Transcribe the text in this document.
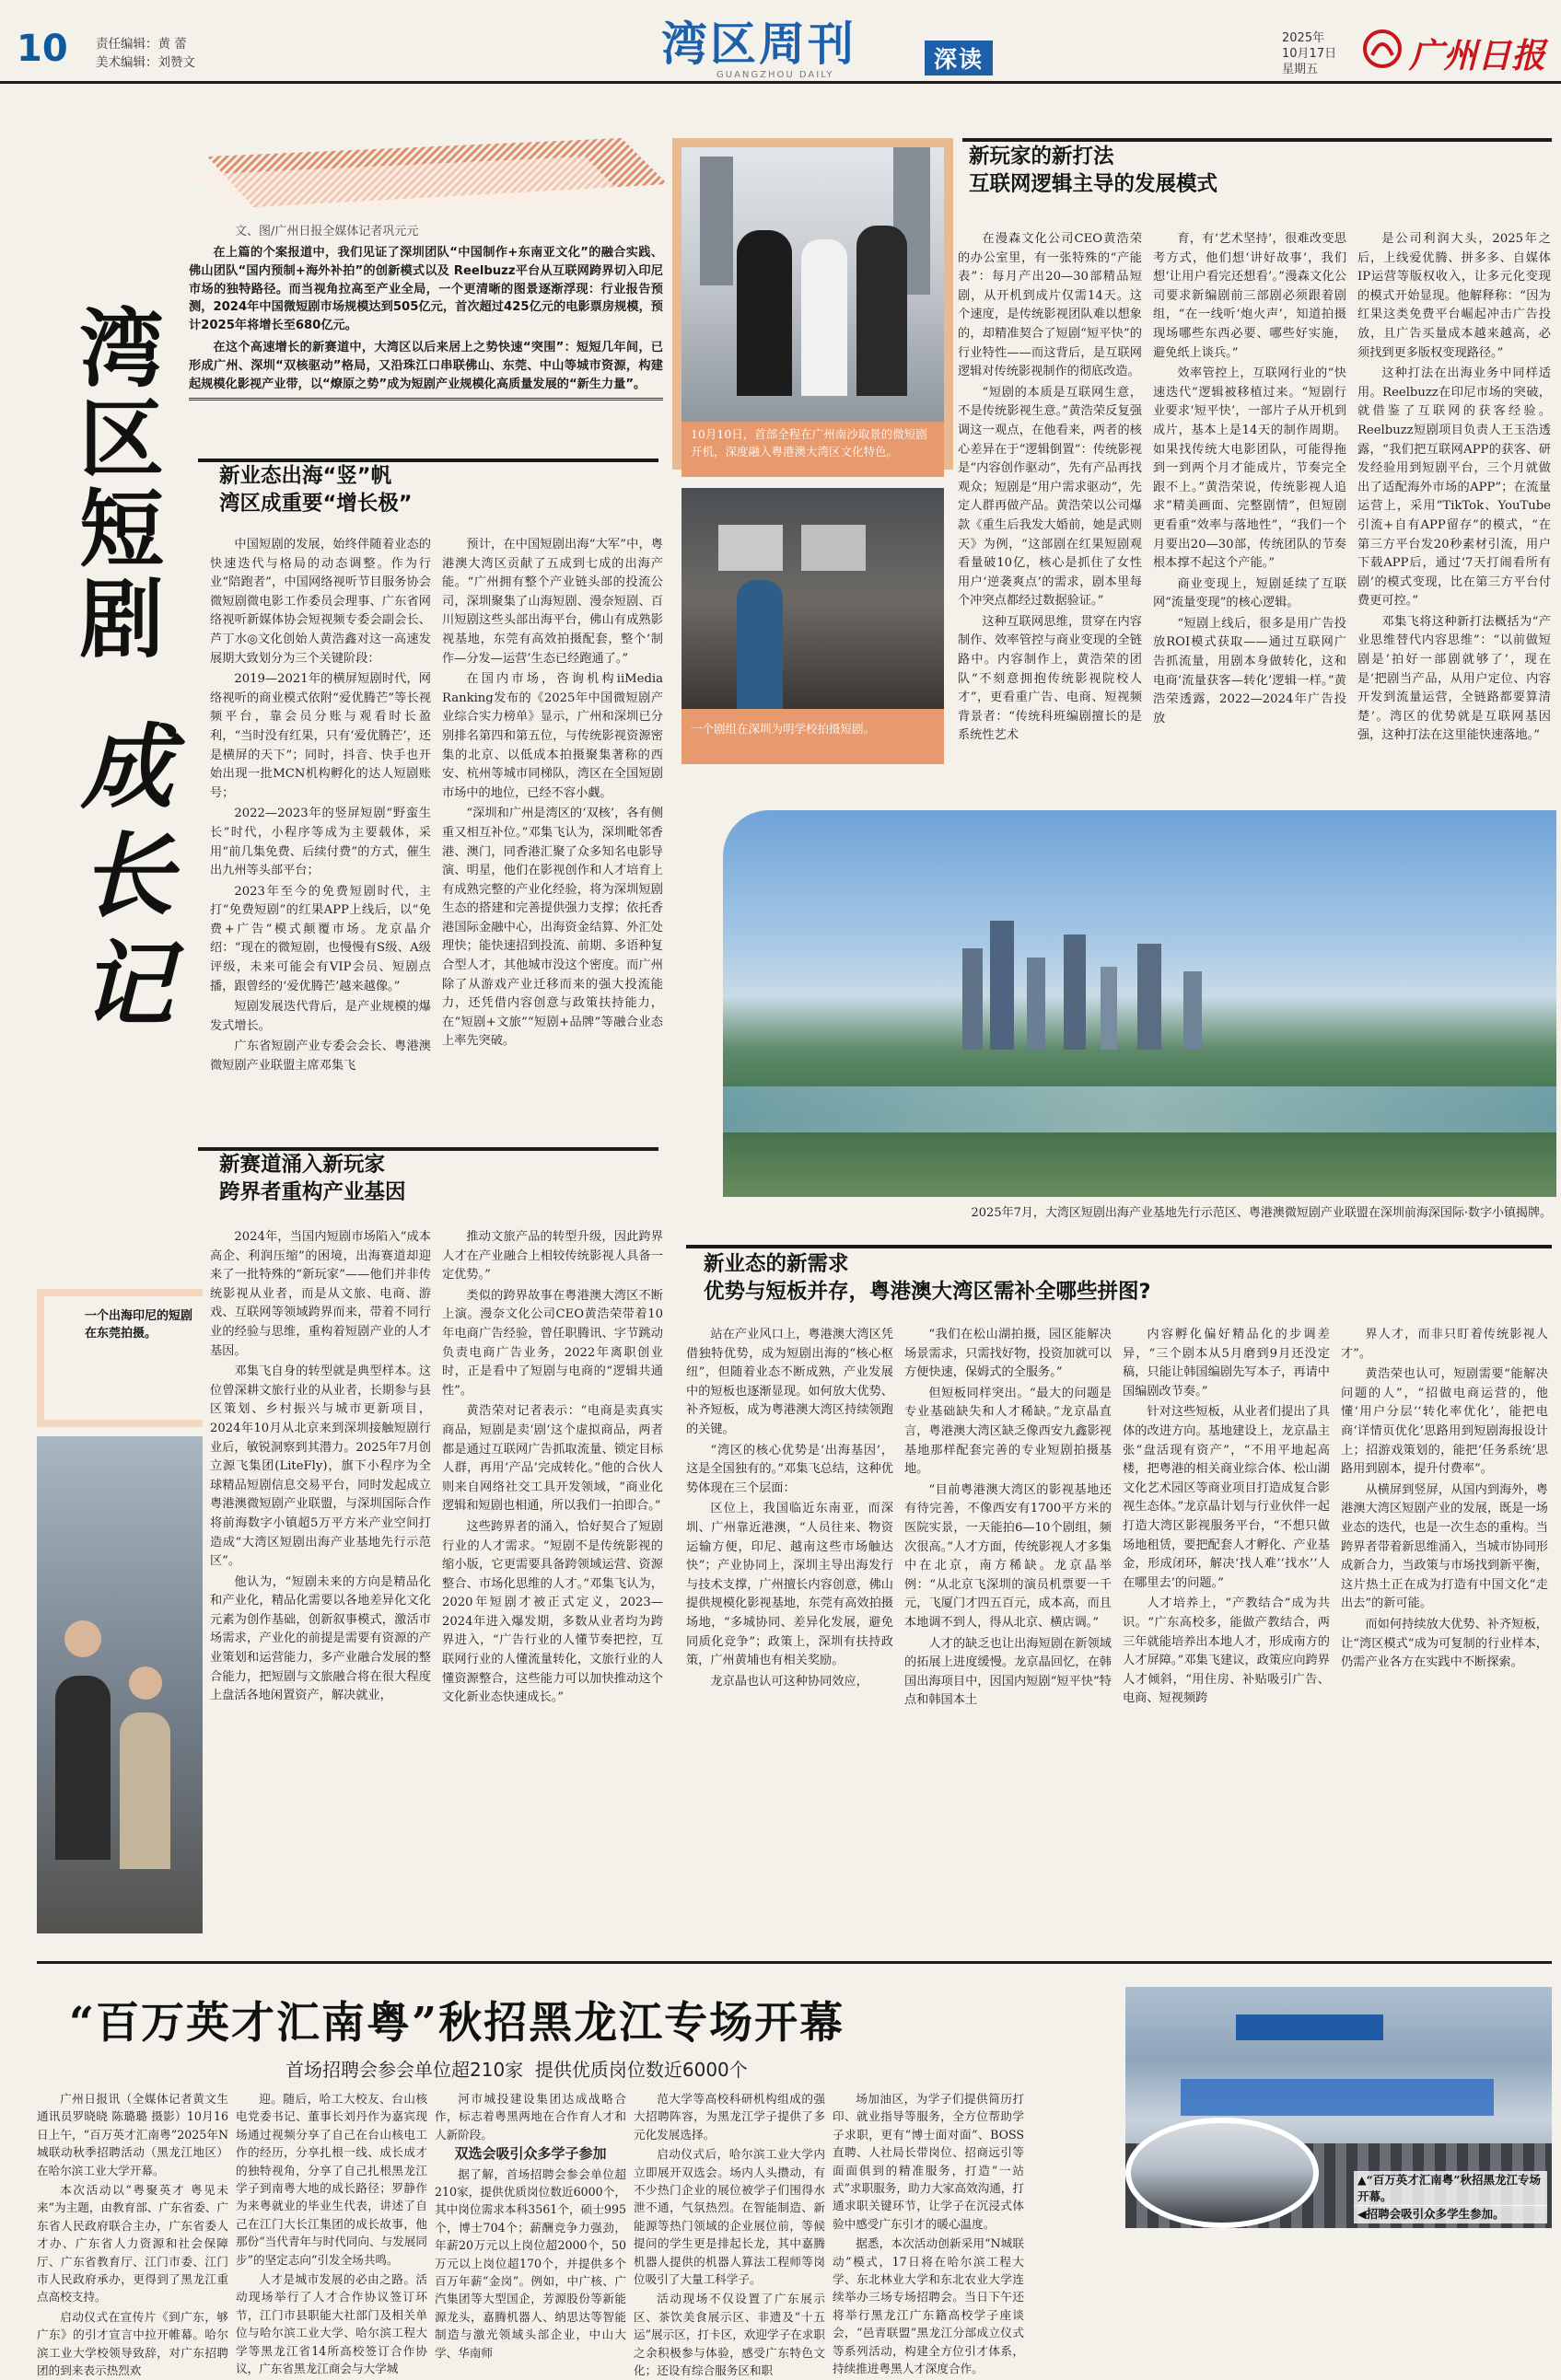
10 责任编辑：黄 蕾
美术编辑：刘赞文	湾区周刊
GUANGZHOU DAILY
深读
2025年
10月17日
星期五	广州日报
湾区短剧
成长记
文、图/广州日报全媒体记者巩元元

在上篇的个案报道中，我们见证了深圳团队“中国制作+东南亚文化”的融合实践、佛山团队“国内预制+海外补拍”的创新模式以及 Reelbuzz平台从互联网跨界切入印尼市场的独特路径。而当视角拉高至产业全局，一个更清晰的图景逐渐浮现：行业报告预测，2024年中国微短剧市场规模达到505亿元，首次超过425亿元的电影票房规模，预计2025年将增长至680亿元。

在这个高速增长的新赛道中，大湾区以后来居上之势快速“突围”：短短几年间，已形成广州、深圳“双核驱动”格局，又沿珠江口串联佛山、东莞、中山等城市资源，构建起规模化影视产业带，以“燎原之势”成为短剧产业规模化高质量发展的“新生力量”。

新业态出海“竖”帆
湾区成重要“增长极”

中国短剧的发展，始终伴随着业态的快速迭代与格局的动态调整。作为行业“陪跑者”，中国网络视听节目服务协会微短剧微电影工作委员会理事、广东省网络视听新媒体协会短视频专委会副会长、芦丁水◎文化创始人黄浩鑫对这一高速发展期大致划分为三个关键阶段：

2019—2021年的横屏短剧时代，网络视听的商业模式依附“爱优腾芒”等长视频平台，靠会员分账与观看时长盈利，“当时没有红果，只有‘爱优腾芒’，还是横屏的天下”；同时，抖音、快手也开始出现一批MCN机构孵化的达人短剧账号；

2022—2023年的竖屏短剧“野蛮生长”时代，小程序等成为主要载体，采用“前几集免费、后续付费”的方式，催生出九州等头部平台；

2023年至今的免费短剧时代，主打“免费短剧”的红果APP上线后，以“免费+广告”模式颠覆市场。龙京晶介绍：“现在的微短剧，也慢慢有S级、A级评级，未来可能会有VIP会员、短剧点播，跟曾经的‘爱优腾芒’越来越像。”

短剧发展迭代背后，是产业规模的爆发式增长。

广东省短剧产业专委会会长、粤港澳微短剧产业联盟主席邓集飞

预计，在中国短剧出海“大军”中，粤港澳大湾区贡献了五成到七成的出海产能。“广州拥有整个产业链头部的投流公司，深圳聚集了山海短剧、漫奈短剧、百川短剧这些头部出海平台，佛山有成熟影视基地，东莞有高效拍摄配套，整个‘制作—分发—运营’生态已经跑通了。”

在国内市场，咨询机构iiMedia Ranking发布的《2025年中国微短剧产业综合实力榜单》显示，广州和深圳已分别排名第四和第五位，与传统影视资源密集的北京、以低成本拍摄聚集著称的西安、杭州等城市同梯队，湾区在全国短剧市场中的地位，已经不容小觑。

“深圳和广州是湾区的‘双核’，各有侧重又相互补位。”邓集飞认为，深圳毗邻香港、澳门，同香港汇聚了众多知名电影导演、明星，他们在影视创作和人才培育上有成熟完整的产业化经验，将为深圳短剧生态的搭建和完善提供强力支撑；依托香港国际金融中心，出海资金结算、外汇处理快；能快速招到投流、前期、多语种复合型人才，其他城市没这个密度。而广州除了从游戏产业迁移而来的强大投流能力，还凭借内容创意与政策扶持能力，在“短剧+文旅”“短剧+品牌”等融合业态上率先突破。

新赛道涌入新玩家
跨界者重构产业基因

2024年，当国内短剧市场陷入“成本高企、利润压缩”的困境，出海赛道却迎来了一批特殊的“新玩家”——他们并非传统影视从业者，而是从文旅、电商、游戏、互联网等领域跨界而来，带着不同行业的经验与思维，重构着短剧产业的人才基因。

邓集飞自身的转型就是典型样本。这位曾深耕文旅行业的从业者，长期参与县区策划、乡村振兴与城市更新项目，2024年10月从北京来到深圳接触短剧行业后，敏锐洞察到其潜力。2025年7月创立源飞集团(LiteFly)，旗下小程序为全球精品短剧信息交易平台，同时发起成立粤港澳微短剧产业联盟，与深圳国际合作将前海数字小镇超5万平方米产业空间打造成“大湾区短剧出海产业基地先行示范区”。

他认为，“短剧未来的方向是精品化和产业化，精品化需要以各地差异化文化元素为创作基础，创新叙事模式，激活市场需求，产业化的前提是需要有资源的产业策划和运营能力，多产业融合发展的整合能力，把短剧与文旅融合将在很大程度上盘活各地闲置资产，解决就业，

推动文旅产品的转型升级，因此跨界人才在产业融合上相较传统影视人具备一定优势。”

类似的跨界故事在粤港澳大湾区不断上演。漫奈文化公司CEO黄浩荣带着10年电商广告经验，曾任职腾讯、字节跳动负责电商广告业务，2022年离职创业时，正是看中了短剧与电商的“逻辑共通性”。

黄浩荣对记者表示：“电商是卖真实商品，短剧是卖‘剧’这个虚拟商品，两者都是通过互联网广告抓取流量、锁定目标人群，再用‘产品’完成转化。”他的合伙人则来自网络社交工具开发领域，“商业化逻辑和短剧也相通，所以我们一拍即合。”

这些跨界者的涌入，恰好契合了短剧行业的人才需求。“短剧不是传统影视的缩小版，它更需要具备跨领域运营、资源整合、市场化思维的人才。”邓集飞认为，2020年短剧才被正式定义，2023—2024年进入爆发期，多数从业者均为跨界进入，“广告行业的人懂节奏把控，互联网行业的人懂流量转化，文旅行业的人懂资源整合，这些能力可以加快推动这个文化新业态快速成长。”

一个出海印尼的短剧在东莞拍摄。
10月10日，首部全程在广州南沙取景的微短剧开机，深度融入粤港澳大湾区文化特色。
一个剧组在深圳为明学校拍摄短剧。
新玩家的新打法
互联网逻辑主导的发展模式

在漫森文化公司CEO黄浩荣的办公室里，有一张特殊的“产能表”：每月产出20—30部精品短剧，从开机到成片仅需14天。这个速度，是传统影视团队难以想象的，却精准契合了短剧“短平快”的行业特性——而这背后，是互联网逻辑对传统影视制作的彻底改造。

“短剧的本质是互联网生意，不是传统影视生意。”黄浩荣反复强调这一观点，在他看来，两者的核心差异在于“逻辑倒置”：传统影视是“内容创作驱动”，先有产品再找观众；短剧是“用户需求驱动”，先定人群再做产品。黄浩荣以公司爆款《重生后我发大婚前，她是武则天》为例，“这部剧在红果短剧观看量破10亿，核心是抓住了女性用户‘逆袭爽点’的需求，剧本里每个冲突点都经过数据验证。”

这种互联网思维，贯穿在内容制作、效率管控与商业变现的全链路中。内容制作上，黄浩荣的团队“不刻意拥抱传统影视院校人才”，更看重广告、电商、短视频背景者：“传统科班编剧擅长的是系统性艺术

育，有‘艺术坚持’，很难改变思考方式，他们想‘讲好故事’，我们想‘让用户看完还想看’。”漫森文化公司要求新编剧前三部剧必须跟着剧组，“在一线听‘炮火声’，知道拍摄现场哪些东西必要、哪些好实施，避免纸上谈兵。”

效率管控上，互联网行业的“快速迭代”逻辑被移植过来。“短剧行业要求‘短平快’，一部片子从开机到成片，基本上是14天的制作周期。如果找传统大电影团队，可能得拖到一到两个月才能成片，节奏完全跟不上。”黄浩荣说，传统影视人追求“精美画面、完整剧情”，但短剧更看重“效率与落地性”，“我们一个月要出20—30部，传统团队的节奏根本撑不起这个产能。”

商业变现上，短剧延续了互联网“流量变现”的核心逻辑。

“短剧上线后，很多是用广告投放ROI模式获取——通过互联网广告抓流量，用剧本身做转化，这和电商‘流量获客—转化’逻辑一样。”黄浩荣透露，2022—2024年广告投放

是公司利润大头，2025年之后，上线爱优腾、拼多多、自媒体IP运营等版权收入，让多元化变现的模式开始显现。他解释称：“因为红果这类免费平台崛起冲击广告投放，且广告买量成本越来越高，必须找到更多版权变现路径。”

这种打法在出海业务中同样适用。Reelbuzz在印尼市场的突破，就借鉴了互联网的获客经验。Reelbuzz短剧项目负责人王玉浩透露，“我们把互联网APP的获客、研发经验用到短剧平台，三个月就做出了适配海外市场的APP”；在流量运营上，采用“TikTok、YouTube引流+自有APP留存”的模式，“在第三方平台发20秒素材引流，用户下载APP后，通过‘7天打闹看所有剧’的模式变现，比在第三方平台付费更可控。”

邓集飞将这种新打法概括为“产业思维替代内容思维”：“以前做短剧是‘拍好一部剧就够了’，现在是‘把剧当产品，从用户定位、内容开发到流量运营，全链路都要算清楚’。湾区的优势就是互联网基因强，这种打法在这里能快速落地。”

2025年7月，大湾区短剧出海产业基地先行示范区、粤港澳微短剧产业联盟在深圳前海深国际·数字小镇揭牌。
新业态的新需求
优势与短板并存，粤港澳大湾区需补全哪些拼图?

站在产业风口上，粤港澳大湾区凭借独特优势，成为短剧出海的“核心枢纽”，但随着业态不断成熟，产业发展中的短板也逐渐显现。如何放大优势、补齐短板，成为粤港澳大湾区持续领跑的关键。

“湾区的核心优势是‘出海基因’，这是全国独有的。”邓集飞总结，这种优势体现在三个层面：

区位上，我国临近东南亚，而深圳、广州靠近港澳，“人员往来、物资运输方便，印尼、越南这些市场触达快”；产业协同上，深圳主导出海发行与技术支撑，广州擅长内容创意，佛山提供规模化影视基地，东莞有高效拍摄场地，“多城协同、差异化发展，避免同质化竞争”；政策上，深圳有扶持政策，广州黄埔也有相关奖励。

龙京晶也认可这种协同效应，

“我们在松山湖拍摄，园区能解决场景需求，只需找好物，投资加就可以方便快速，保姆式的全服务。”

但短板同样突出。“最大的问题是专业基础缺失和人才稀缺。”龙京晶直言，粤港澳大湾区缺乏像西安九鑫影视基地那样配套完善的专业短剧拍摄基地。

“目前粤港澳大湾区的影视基地还有待完善，不像西安有1700平方米的医院实景，一天能拍6—10个剧组，频次很高。”人才方面，传统影视人才多集中在北京，南方稀缺。龙京晶举例：“从北京飞深圳的演员机票要一千元，飞厦门才四五百元，成本高，而且本地调不到人，得从北京、横店调。”

人才的缺乏也让出海短剧在新领域的拓展上进度缓慢。龙京晶回忆，在韩国出海项目中，因国内短剧“短平快”特点和韩国本土

内容孵化偏好精品化的步调差异，“三个剧本从5月磨到9月还没定稿，只能让韩国编剧先写本子，再请中国编剧改节奏。”

针对这些短板，从业者们提出了具体的改进方向。基地建设上，龙京晶主张“盘活现有资产”，“不用平地起高楼，把粤港的相关商业综合体、松山湖文化艺术园区等商业项目打造成复合影视生态体。”龙京晶计划与行业伙伴一起打造大湾区影视服务平台，“不想只做场地租赁，要把配套人才孵化、产业基金，形成闭环，解决‘找人难’‘找水’‘人在哪里去’的问题。”

人才培养上，“产教结合”成为共识。“广东高校多，能做产教结合，两三年就能培养出本地人才，形成南方的人才屏障。”邓集飞建议，政策应向跨界人才倾斜，“用住房、补贴吸引广告、电商、短视频跨

界人才，而非只盯着传统影视人才”。

黄浩荣也认可，短剧需要“能解决问题的人”，“招做电商运营的，他懂‘用户分层’‘转化率优化’，能把电商‘详情页优化’思路用到短剧海报设计上；招游戏策划的，能把‘任务系统’思路用到剧本，提升付费率”。

从横屏到竖屏，从国内到海外，粤港澳大湾区短剧产业的发展，既是一场业态的迭代，也是一次生态的重构。当跨界者带着新思维涌入，当城市协同形成新合力，当政策与市场找到新平衡，这片热土正在成为打造有中国文化“走出去”的新可能。

而如何持续放大优势、补齐短板，让“湾区模式”成为可复制的行业样本，仍需产业各方在实践中不断探索。

“百万英才汇南粤”秋招黑龙江专场开幕
首场招聘会参会单位超210家  提供优质岗位数近6000个

广州日报讯（全媒体记者黄文生 通讯员罗晓晓 陈璐璐 摄影）10月16日上午，“百万英才汇南粤”2025年N城联动秋季招聘活动（黑龙江地区）在哈尔滨工业大学开幕。

本次活动以“粤聚英才 粤见未来”为主题，由教育部、广东省委、广东省人民政府联合主办，广东省委人才办、广东省人力资源和社会保障厅、广东省教育厅、江门市委、江门市人民政府承办，更得到了黑龙江重点高校支持。

启动仪式在宣传片《到广东，够广东》的引才宣言中拉开帷幕。哈尔滨工业大学校领导致辞，对广东招聘团的到来表示热烈欢

迎。随后，哈工大校友、台山核电党委书记、董事长刘丹作为嘉宾现场通过视频分享了自己在台山核电工作的经历，分享扎根一线、成长成才的独特视角，分享了自己扎根黑龙江学子到南粤大地的成长路径；罗静作为来粤就业的毕业生代表，讲述了自己在江门大长江集团的成长故事，他那份“当代青年与时代同向、与发展同步”的坚定志向“引发全场共鸣。

人才是城市发展的必由之路。活动现场举行了人才合作协议签订环节，江门市县职能大社部门及相关单位与哈尔滨工业大学、哈尔滨工程大学等黑龙江省14所高校签订合作协议，广东省黑龙江商会与大学城

河市城投建设集团达成战略合作，标志着粤黑两地在合作育人才和人新阶段。

双选会吸引众多学子参加

据了解，首场招聘会参会单位超210家，提供优质岗位数近6000个，其中岗位需求本科3561个，硕士995个，博士704个；薪酬竞争力强劲，年薪20万元以上岗位超2000个，50万元以上岗位超170个，并提供多个百万年薪“金岗”。例如，中广核、广汽集团等大型国企，芳源股份等新能源龙头，嘉腾机器人、纳思达等智能制造与激光领域头部企业，中山大学、华南师

范大学等高校科研机构组成的强大招聘阵容，为黑龙江学子提供了多元化发展选择。

启动仪式后，哈尔滨工业大学内立即展开双选会。场内人头攒动，有不少热门企业的展位被学子们围得水泄不通，气氛热烈。在智能制造、新能源等热门领域的企业展位前，等候提问的学生更是排起长龙，其中嘉腾机器人提供的机器人算法工程师等岗位吸引了大量工科学子。

活动现场不仅设置了广东展示区、茶饮美食展示区、非遗及“十五运”展示区，打卡区，欢迎学子在求职之余积极参与体验，感受广东特色文化；还设有综合服务区和职

场加油区，为学子们提供简历打印、就业指导等服务，全方位帮助学子求职，更有“博士面对面”、BOSS直聘、人社局长带岗位、招商远引等面面俱到的精准服务，打造“一站式”求职服务，助力大家高效沟通，打通求职关键环节，让学子在沉浸式体验中感受广东引才的暖心温度。

据悉，本次活动创新采用“N城联动”模式，17日将在哈尔滨工程大学、东北林业大学和东北农业大学连续举办三场专场招聘会。当日下午还将举行黑龙江广东籍高校学子座谈会，“邑青联盟”黑龙江分部成立仪式等系列活动，构建全方位引才体系，持续推进粤黑人才深度合作。

▲“百万英才汇南粤”秋招黑龙江专场开幕。
◀招聘会吸引众多学生参加。
